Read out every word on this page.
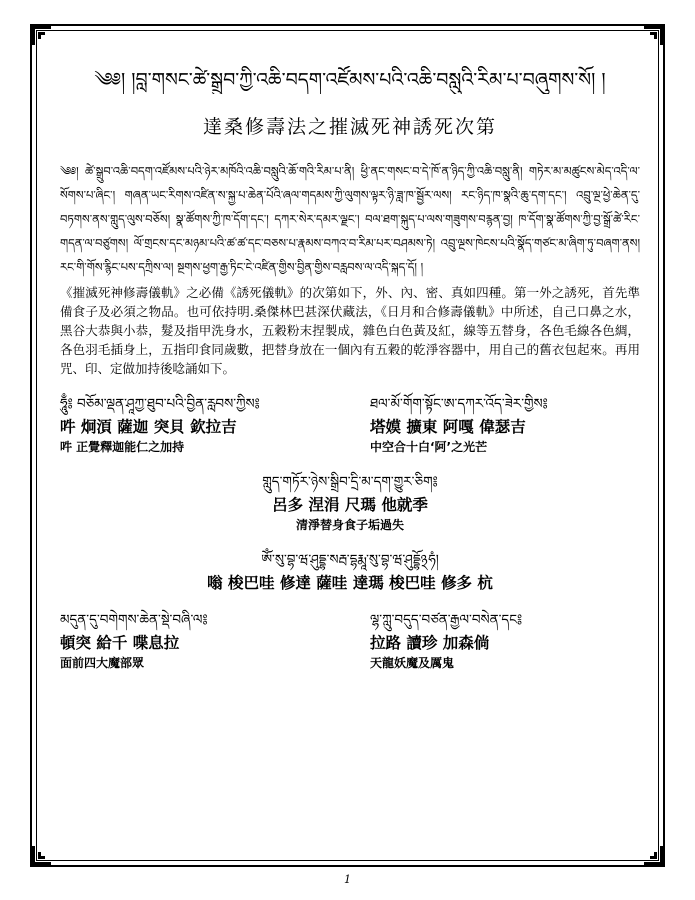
༄༅། །བླ་གསང་ཚེ་སྒྲུབ་ཀྱི་འཆི་བདག་འཛོམས་པའི་འཆི་བསླུའི་རིམ་པ་བཞུགས་སོ། །
達桑修壽法之摧滅死神誘死次第
༄༅། ཚེ་སྒྲུབ་འཆི་བདག་འཛོམས་པའི་ཉེར་མཁོའི་འཆི་བསླུའི་ཆོ་གའི་རིམ་པ་ནི། ཕྱི་ནང་གསང་བ་དེ་ཁོ་ན་ཉིད་ཀྱི་འཆི་བསླུ་ནི། གཏེར་མ་མཚུངས་མེད་འདི་ལ་སོགས་པ་ཞིང་། གཞན་ཡང་རིགས་འཛིན་ས་སྐྱ་པ་ཆེན་པོའི་ཞལ་གདམས་ཀྱི་ལུགས་ལྟར་ཉི་ཟླ་ཁ་སྦྱོར་ལས། རང་ཉིད་ཁ་སྣའི་ཆུ་དག་དང་། འབྲུ་ལྔ་ཕྱེ་ཆེན་དུ་བཏགས་ནས་གླུད་ལུས་བཅོས། སྣ་ཚོགས་ཀྱི་ཁ་དོག་དང་། དཀར་སེར་དམར་ལྗང་། བལ་ཐག་སྐུད་པ་ལས་གཟུགས་བརྙན་བྱ། ཁ་དོག་སྣ་ཚོགས་ཀྱི་བྱ་སྒྲོ་ཚེ་རིང་གདན་ལ་བཙུགས། ལོ་གྲངས་དང་མཉམ་པའི་ཚ་ཚ་དང་བཅས་པ་རྣམས་བཀའ་བ་རིམ་པར་བཤམས་ཏེ། འབྲུ་ལྔས་ཁེངས་པའི་སྣོད་གཙང་མ་ཞིག་ཏུ་བཞག་ནས། རང་གི་གོས་རྙིང་པས་དཀྲིས་ལ། སྔགས་ཕྱག་རྒྱ་ཏིང་ངེ་འཛིན་གྱིས་བྱིན་གྱིས་བརླབས་ལ་འདི་སྐད་དོ། །
《摧滅死神修壽儀軌》之必備《誘死儀軌》的次第如下，外、內、密、真如四種。第一外之誘死，首先準備食子及必須之物品。也可依持明.桑傑林巴甚深伏藏法，《日月和合修壽儀軌》中所述，自己口鼻之水，黑谷大恭與小恭，髮及指甲洗身水，五穀粉末捏製成，雜色白色黃及紅，線等五替身，各色毛線各色綢，各色羽毛插身上，五指印食同歲數，把替身放在一個內有五穀的乾淨容器中，用自己的舊衣包起來。再用咒、印、定做加持後唸誦如下。
ཧཱུྃ༔ བཅོམ་ལྡན་ཤཱཀྱ་ཐུབ་པའི་བྱིན་རླབས་ཀྱིས༔
吽 炯湏 薩迦 突貝 欽拉吉
吽 正覺釋迦能仁之加持
ཐལ་མོ་གོག་སྟོང་ཨ་དཀར་འོད་ཟེར་གྱིས༔
塔嫫 擴東 阿嘎 偉瑟吉
中空合十白‘阿’之光芒
གླུད་གཏོར་ཉེས་སྒྲིབ་དྲི་མ་དག་གྱུར་ཅིག༔
呂多 涅涓 尺瑪 他就季
清淨替身食子垢過失
ཨོཾ་སུ་བྷ་ཝ་ཤུདྡྷ་སརྦ་དྷརྨཱ་སུ་བྷ་ཝ་ཤུདྡྷོ྅ཧཾ།
嗡 梭巴哇 修達 薩哇 達瑪 梭巴哇 修多 杭
མདུན་དུ་བགེགས་ཆེན་སྡེ་བཞི་ལ༔
頓突 給千 喋息拉
面前四大魔部眾
ལྷ་ཀླུ་བདུད་བཙན་རྒྱལ་བསེན་དང༔
拉路 讀珍 加森倘
天龍妖魔及厲鬼
1
